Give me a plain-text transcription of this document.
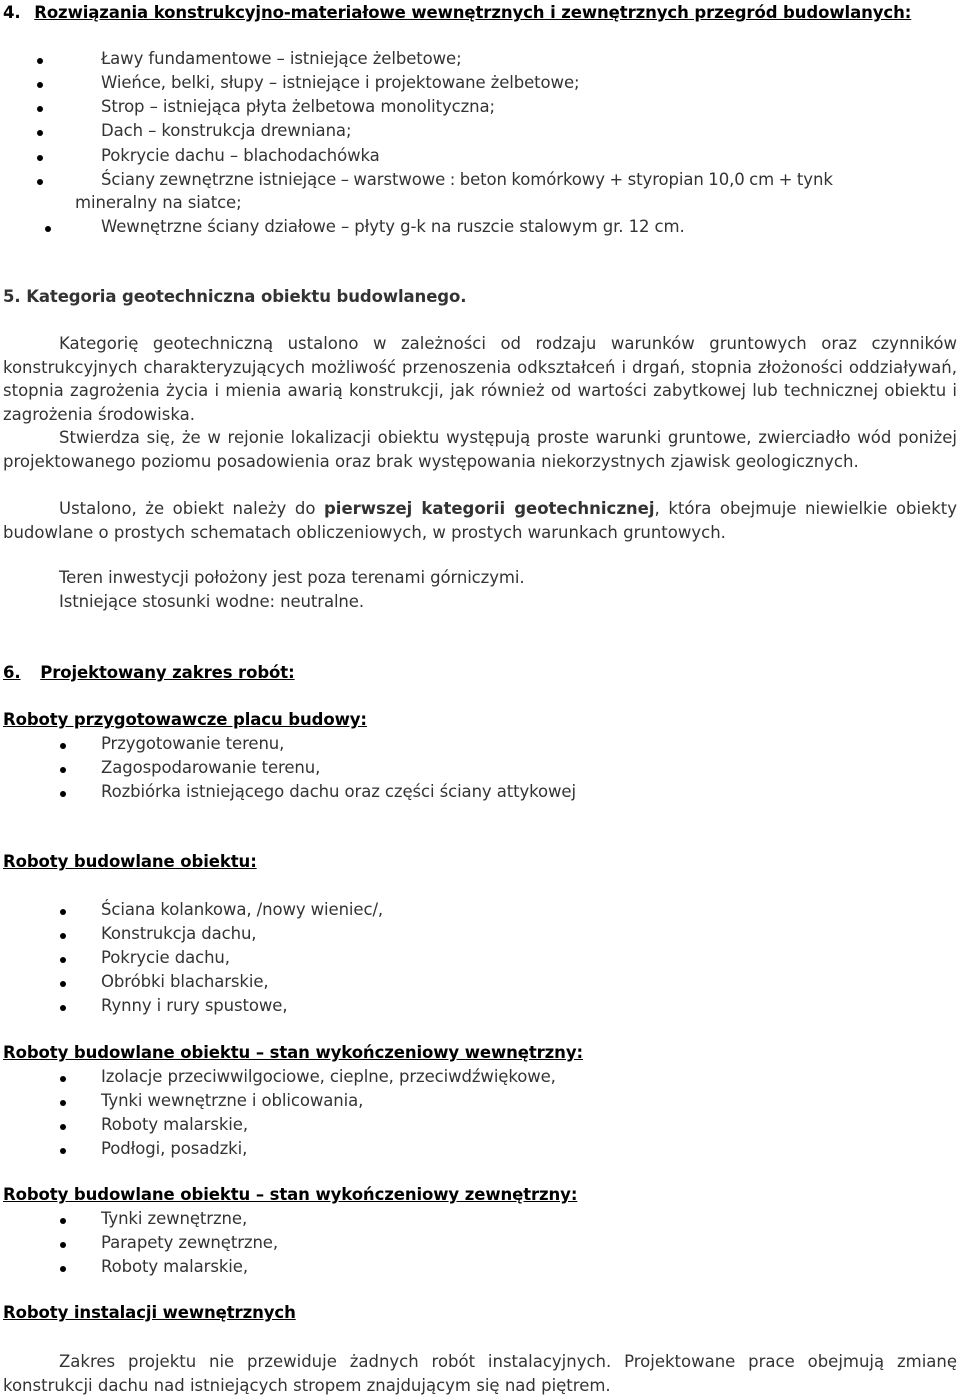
4. Rozwiązania konstrukcyjno-materiałowe wewnętrznych i zewnętrznych przegród budowlanych:
Ławy fundamentowe – istniejące żelbetowe;
Wieńce, belki, słupy – istniejące i projektowane żelbetowe;
Strop – istniejąca płyta żelbetowa monolityczna;
Dach – konstrukcja drewniana;
Pokrycie dachu – blachodachówka
Ściany zewnętrzne istniejące – warstwowe : beton komórkowy + styropian 10,0 cm + tynk
mineralny na siatce;
Wewnętrzne ściany działowe – płyty g-k na ruszcie stalowym gr. 12 cm.
5. Kategoria geotechniczna obiektu budowlanego.
Kategorię geotechniczną ustalono w zależności od rodzaju warunków gruntowych oraz czynników konstrukcyjnych charakteryzujących możliwość przenoszenia odkształceń i drgań, stopnia złożoności oddziaływań, stopnia zagrożenia życia i mienia awarią konstrukcji, jak również od wartości zabytkowej lub technicznej obiektu i zagrożenia środowiska.
Stwierdza się, że w rejonie lokalizacji obiektu występują proste warunki gruntowe, zwierciadło wód poniżej projektowanego poziomu posadowienia oraz brak występowania niekorzystnych zjawisk geologicznych.
Ustalono, że obiekt należy do pierwszej kategorii geotechnicznej, która obejmuje niewielkie obiekty budowlane o prostych schematach obliczeniowych, w prostych warunkach gruntowych.
Teren inwestycji położony jest poza terenami górniczymi.
Istniejące stosunki wodne: neutralne.
6. Projektowany zakres robót:
Roboty przygotowawcze placu budowy:
Przygotowanie terenu,
Zagospodarowanie terenu,
Rozbiórka istniejącego dachu oraz części ściany attykowej
Roboty budowlane obiektu:
Ściana kolankowa, /nowy wieniec/,
Konstrukcja dachu,
Pokrycie dachu,
Obróbki blacharskie,
Rynny i rury spustowe,
Roboty budowlane obiektu – stan wykończeniowy wewnętrzny:
Izolacje przeciwwilgociowe, cieplne, przeciwdźwiękowe,
Tynki wewnętrzne i oblicowania,
Roboty malarskie,
Podłogi, posadzki,
Roboty budowlane obiektu – stan wykończeniowy zewnętrzny:
Tynki zewnętrzne,
Parapety zewnętrzne,
Roboty malarskie,
Roboty instalacji wewnętrznych
Zakres projektu nie przewiduje żadnych robót instalacyjnych. Projektowane prace obejmują zmianę konstrukcji dachu nad istniejących stropem znajdującym się nad piętrem.
